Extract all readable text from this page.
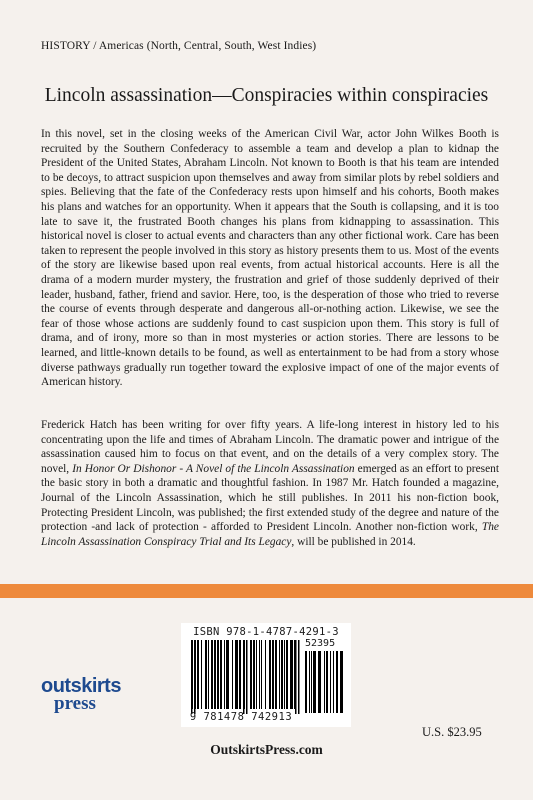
HISTORY / Americas (North, Central, South, West Indies)
Lincoln assassination—Conspiracies within conspiracies

In this novel, set in the closing weeks of the American Civil War, actor John Wilkes Booth is recruited by the Southern Confederacy to assemble a team and develop a plan to kidnap the President of the United States, Abraham Lincoln. Not known to Booth is that his team are intended to be decoys, to attract suspicion upon themselves and away from similar plots by rebel soldiers and spies. Believing that the fate of the Confederacy rests upon himself and his cohorts, Booth makes his plans and watches for an opportunity. When it appears that the South is collapsing, and it is too late to save it, the frustrated Booth changes his plans from kidnapping to assassination. This historical novel is closer to actual events and characters than any other fictional work. Care has been taken to represent the people involved in this story as history presents them to us. Most of the events of the story are likewise based upon real events, from actual historical accounts. Here is all the drama of a modern murder mystery, the frustration and grief of those suddenly deprived of their leader, husband, father, friend and savior. Here, too, is the desperation of those who tried to reverse the course of events through desperate and dangerous all-or-nothing action. Likewise, we see the fear of those whose actions are suddenly found to cast suspicion upon them. This story is full of drama, and of irony, more so than in most mysteries or action stories. There are lessons to be learned, and little-known details to be found, as well as entertainment to be had from a story whose diverse pathways gradually run together toward the explosive impact of one of the major events of American history.

Frederick Hatch has been writing for over fifty years. A life-long interest in history led to his concentrating upon the life and times of Abraham Lincoln. The dramatic power and intrigue of the assassination caused him to focus on that event, and on the details of a very complex story. The novel, In Honor Or Dishonor - A Novel of the Lincoln Assassination emerged as an effort to present the basic story in both a dramatic and thoughtful fashion. In 1987 Mr. Hatch founded a magazine, Journal of the Lincoln Assassination, which he still publishes. In 2011 his non-fiction book, Protecting President Lincoln, was published; the first extended study of the degree and nature of the protection -and lack of protection - afforded to President Lincoln. Another non-fiction work, The Lincoln Assassination Conspiracy Trial and Its Legacy, will be published in 2014.

ISBN 978-1-4787-4291-3
52395
9 781478 742913
outskirts
press
U.S. $23.95
OutskirtsPress.com
